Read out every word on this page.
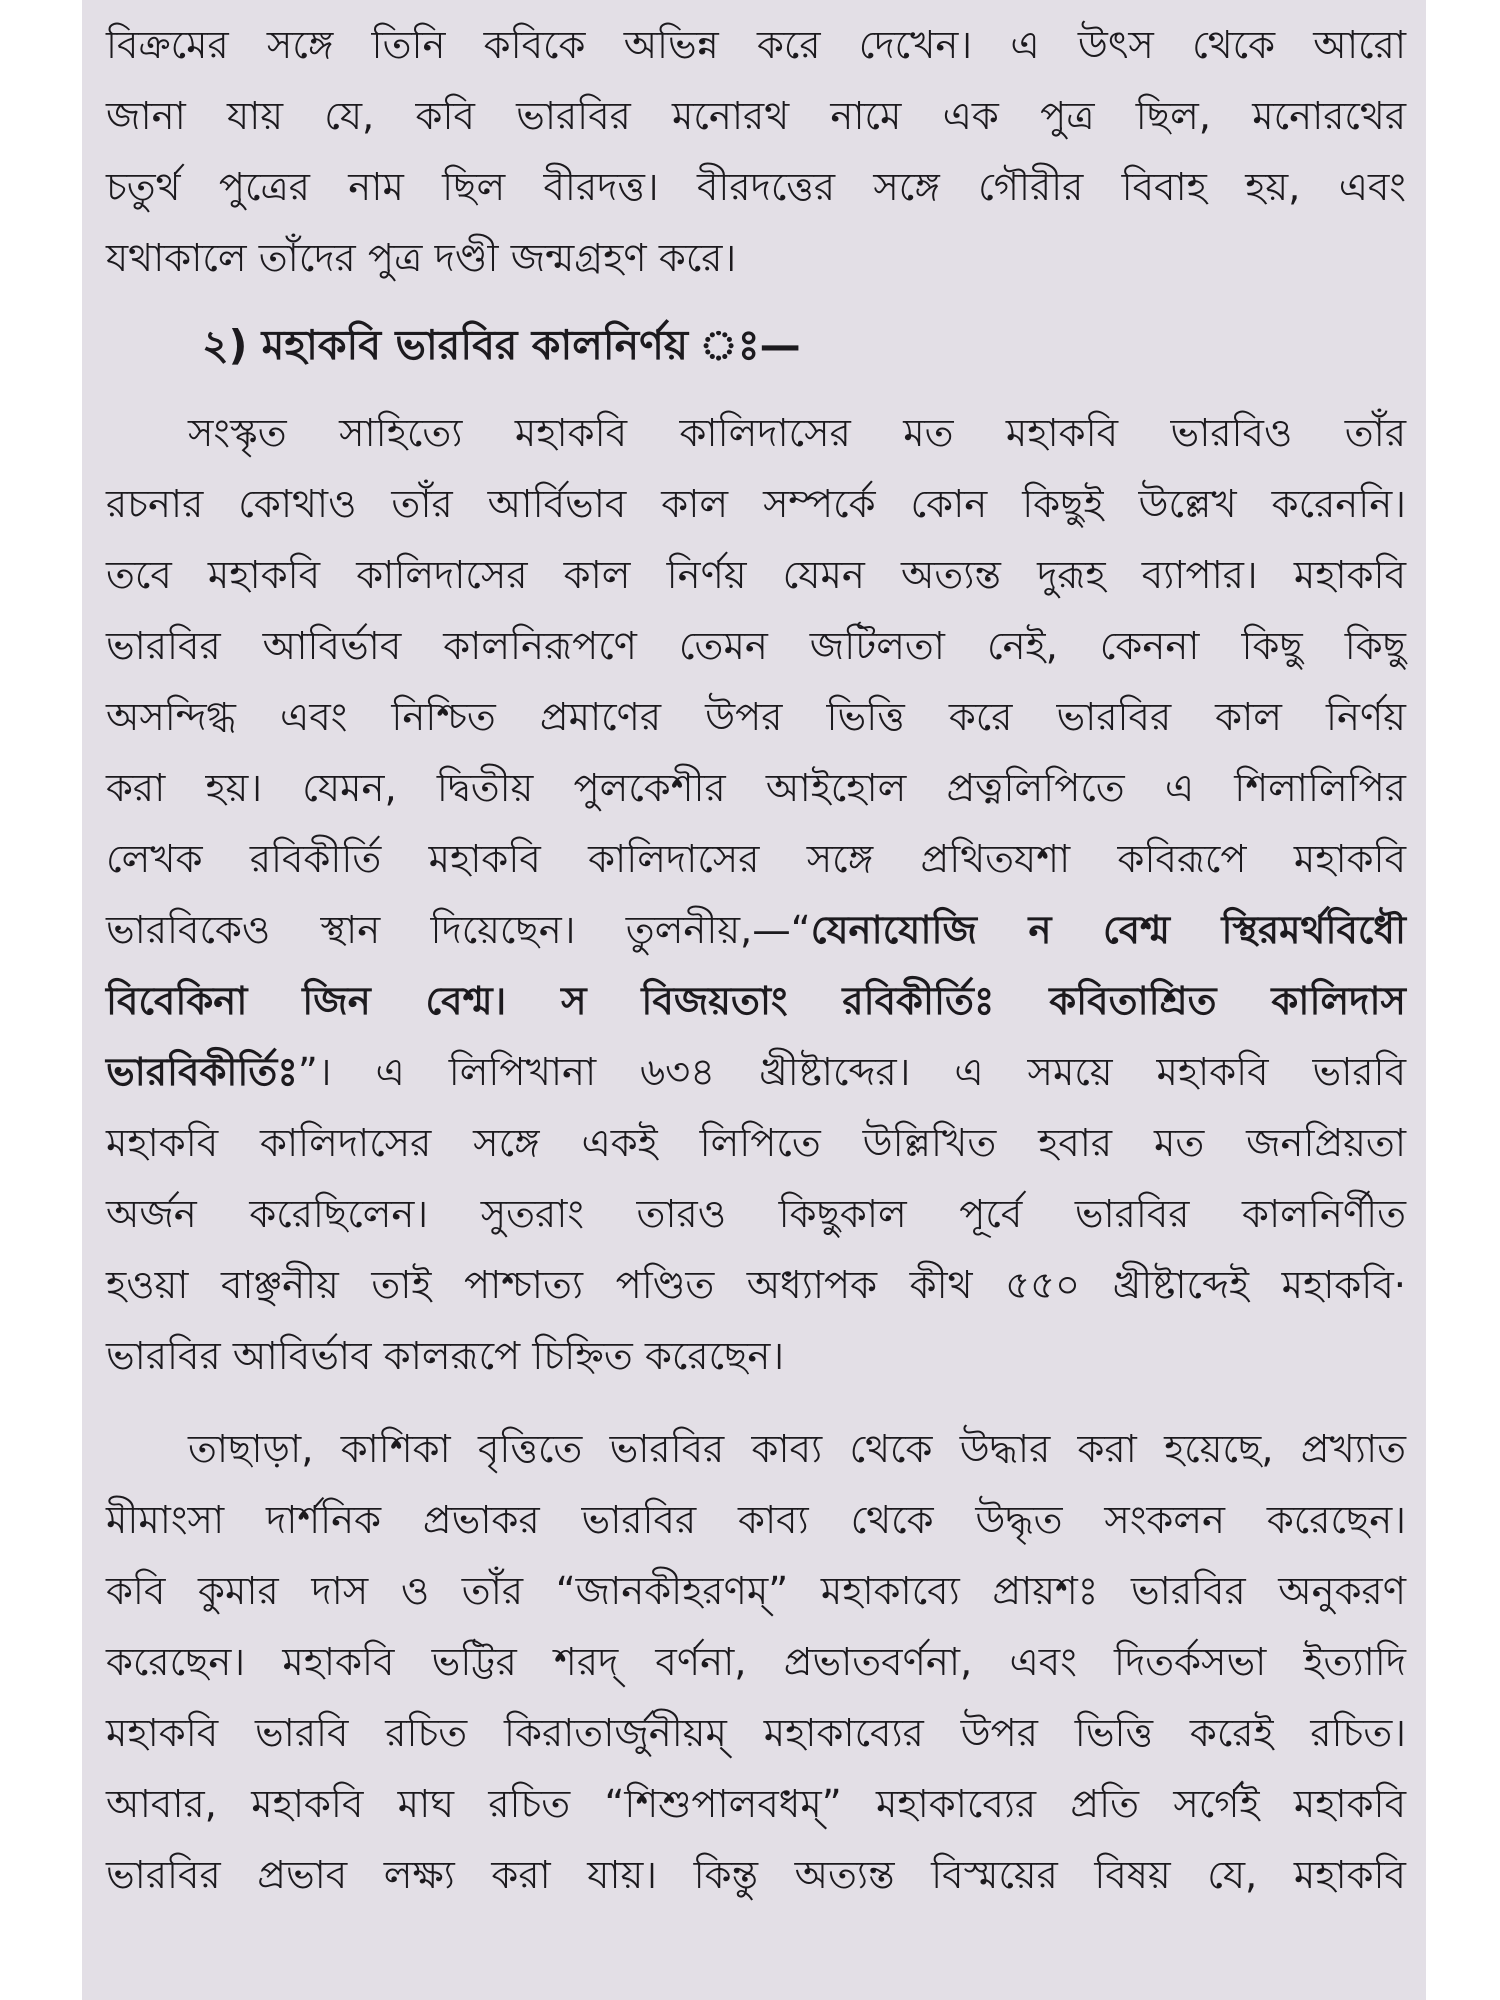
বিক্রমের সঙ্গে তিনি কবিকে অভিন্ন করে দেখেন। এ উৎস থেকে আরো
জানা যায় যে, কবি ভারবির মনোরথ নামে এক পুত্র ছিল, মনোরথের
চতুর্থ পুত্রের নাম ছিল বীরদত্ত। বীরদত্তের সঙ্গে গৌরীর বিবাহ হয়, এবং
যথাকালে তাঁদের পুত্র দণ্ডী জন্মগ্রহণ করে।
২) মহাকবি ভারবির কালনির্ণয় ঃ—
সংস্কৃত সাহিত্যে মহাকবি কালিদাসের মত মহাকবি ভারবিও তাঁর
রচনার কোথাও তাঁর আর্বিভাব কাল সম্পর্কে কোন কিছুই উল্লেখ করেননি।
তবে মহাকবি কালিদাসের কাল নির্ণয় যেমন অত্যন্ত দুরূহ ব্যাপার। মহাকবি
ভারবির আবির্ভাব কালনিরূপণে তেমন জটিলতা নেই, কেননা কিছু কিছু
অসন্দিগ্ধ এবং নিশ্চিত প্রমাণের উপর ভিত্তি করে ভারবির কাল নির্ণয়
করা হয়। যেমন, দ্বিতীয় পুলকেশীর আইহোল প্রত্নলিপিতে এ শিলালিপির
লেখক রবিকীর্তি মহাকবি কালিদাসের সঙ্গে প্রথিতযশা কবিরূপে মহাকবি
ভারবিকেও স্থান দিয়েছেন। তুলনীয়,—“যেনাযোজি ন বেশ্ম স্থিরমর্থবিধৌ
বিবেকিনা জিন বেশ্ম। স বিজয়তাং রবিকীর্তিঃ কবিতাশ্রিত কালিদাস
ভারবিকীর্তিঃ”। এ লিপিখানা ৬৩৪ খ্রীষ্টাব্দের। এ সময়ে মহাকবি ভারবি
মহাকবি কালিদাসের সঙ্গে একই লিপিতে উল্লিখিত হবার মত জনপ্রিয়তা
অর্জন করেছিলেন। সুতরাং তারও কিছুকাল পূর্বে ভারবির কালনির্ণীত
হওয়া বাঞ্ছনীয় তাই পাশ্চাত্য পণ্ডিত অধ্যাপক কীথ ৫৫০ খ্রীষ্টাব্দেই মহাকবি·
ভারবির আবির্ভাব কালরূপে চিহ্নিত করেছেন।
তাছাড়া, কাশিকা বৃত্তিতে ভারবির কাব্য থেকে উদ্ধার করা হয়েছে, প্রখ্যাত
মীমাংসা দার্শনিক প্রভাকর ভারবির কাব্য থেকে উদ্ধৃত সংকলন করেছেন।
কবি কুমার দাস ও তাঁর “জানকীহরণম্” মহাকাব্যে প্রায়শঃ ভারবির অনুকরণ
করেছেন। মহাকবি ভট্টির শরদ্ বর্ণনা, প্রভাতবর্ণনা, এবং দিতর্কসভা ইত্যাদি
মহাকবি ভারবি রচিত কিরাতার্জুনীয়ম্ মহাকাব্যের উপর ভিত্তি করেই রচিত।
আবার, মহাকবি মাঘ রচিত “শিশুপালবধম্” মহাকাব্যের প্রতি সর্গেই মহাকবি
ভারবির প্রভাব লক্ষ্য করা যায়। কিন্তু অত্যন্ত বিস্ময়ের বিষয় যে, মহাকবি
